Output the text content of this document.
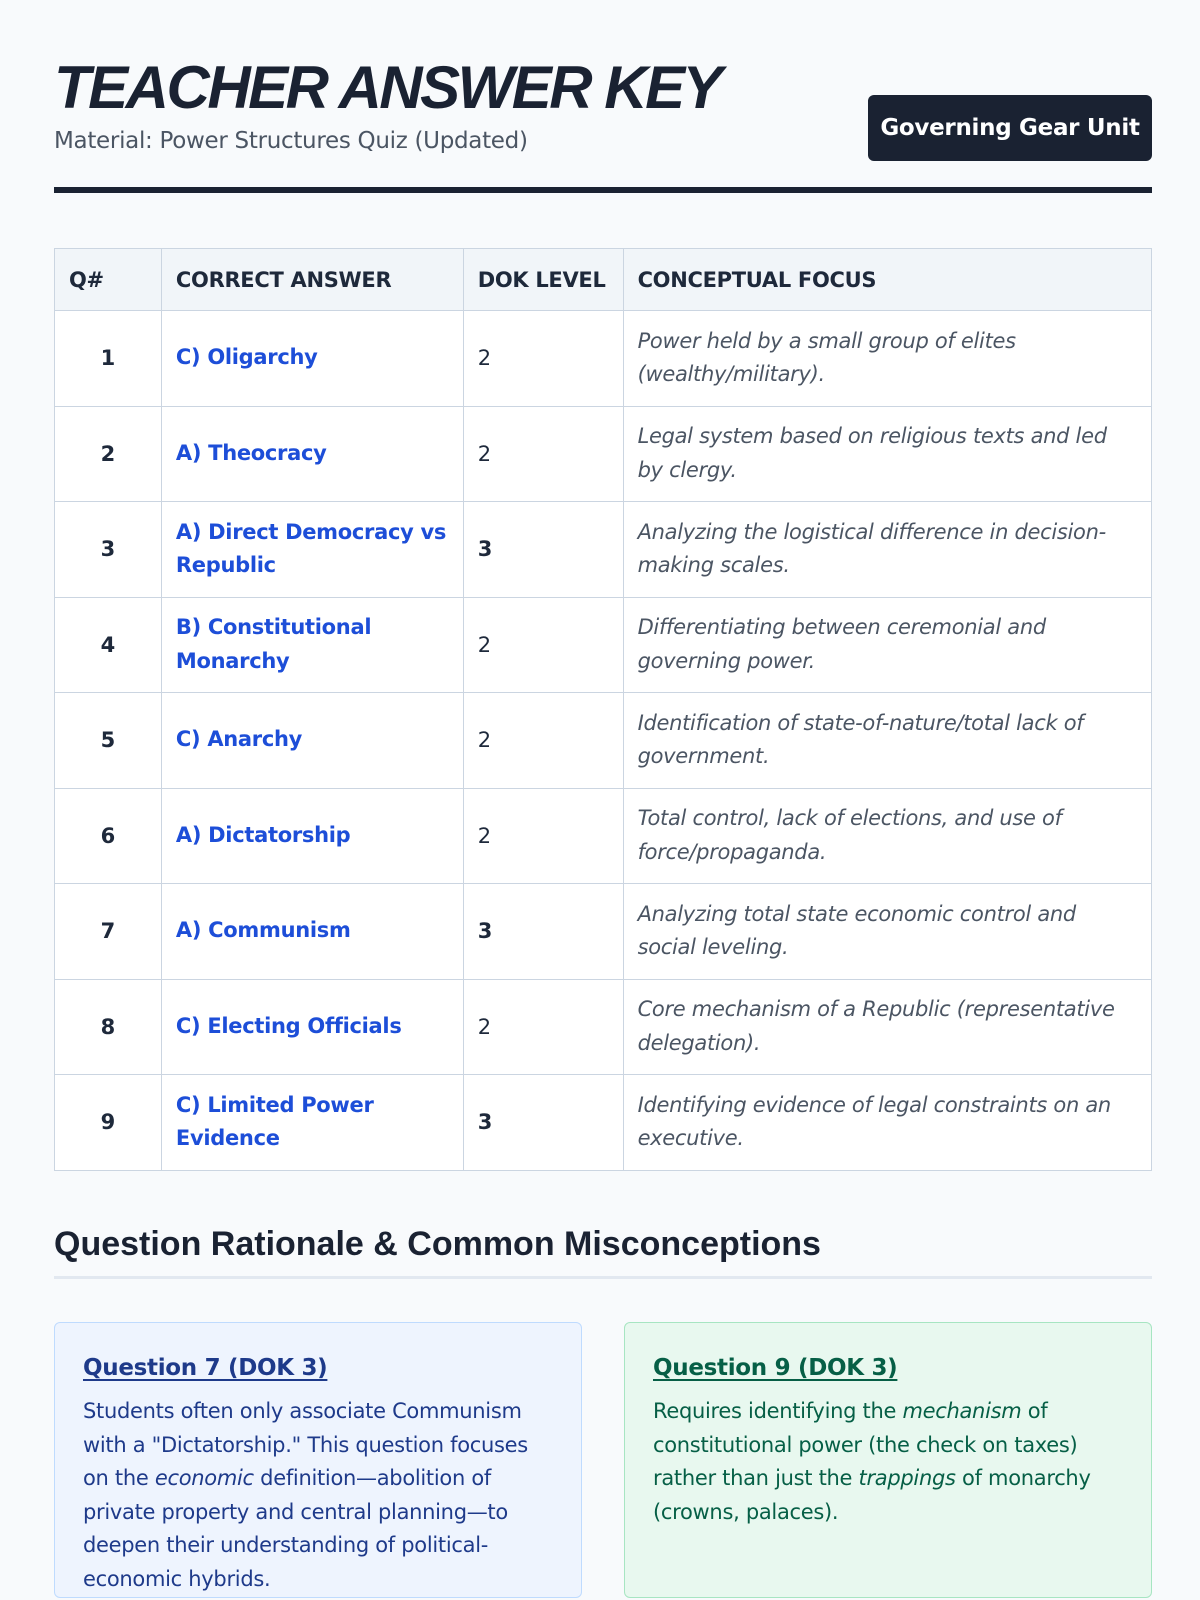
TEACHER ANSWER KEY
Material: Power Structures Quiz (Updated)	Governing Gear Unit
Q#	CORRECT ANSWER	DOK LEVEL	CONCEPTUAL FOCUS
1	C) Oligarchy	2	Power held by a small group of elites (wealthy/military).
2	A) Theocracy	2	Legal system based on religious texts and led by clergy.
3	A) Direct Democracy vs Republic	3	Analyzing the logistical difference in decision-making scales.
4	B) Constitutional Monarchy	2	Differentiating between ceremonial and governing power.
5	C) Anarchy	2	Identification of state-of-nature/total lack of government.
6	A) Dictatorship	2	Total control, lack of elections, and use of force/propaganda.
7	A) Communism	3	Analyzing total state economic control and social leveling.
8	C) Electing Officials	2	Core mechanism of a Republic (representative delegation).
9	C) Limited Power Evidence	3	Identifying evidence of legal constraints on an executive.
Question Rationale & Common Misconceptions
Question 7 (DOK 3)
Students often only associate Communism with a "Dictatorship." This question focuses on the economic definition—abolition of private property and central planning—to deepen their understanding of political-economic hybrids.
Question 9 (DOK 3)
Requires identifying the mechanism of constitutional power (the check on taxes) rather than just the trappings of monarchy (crowns, palaces).
